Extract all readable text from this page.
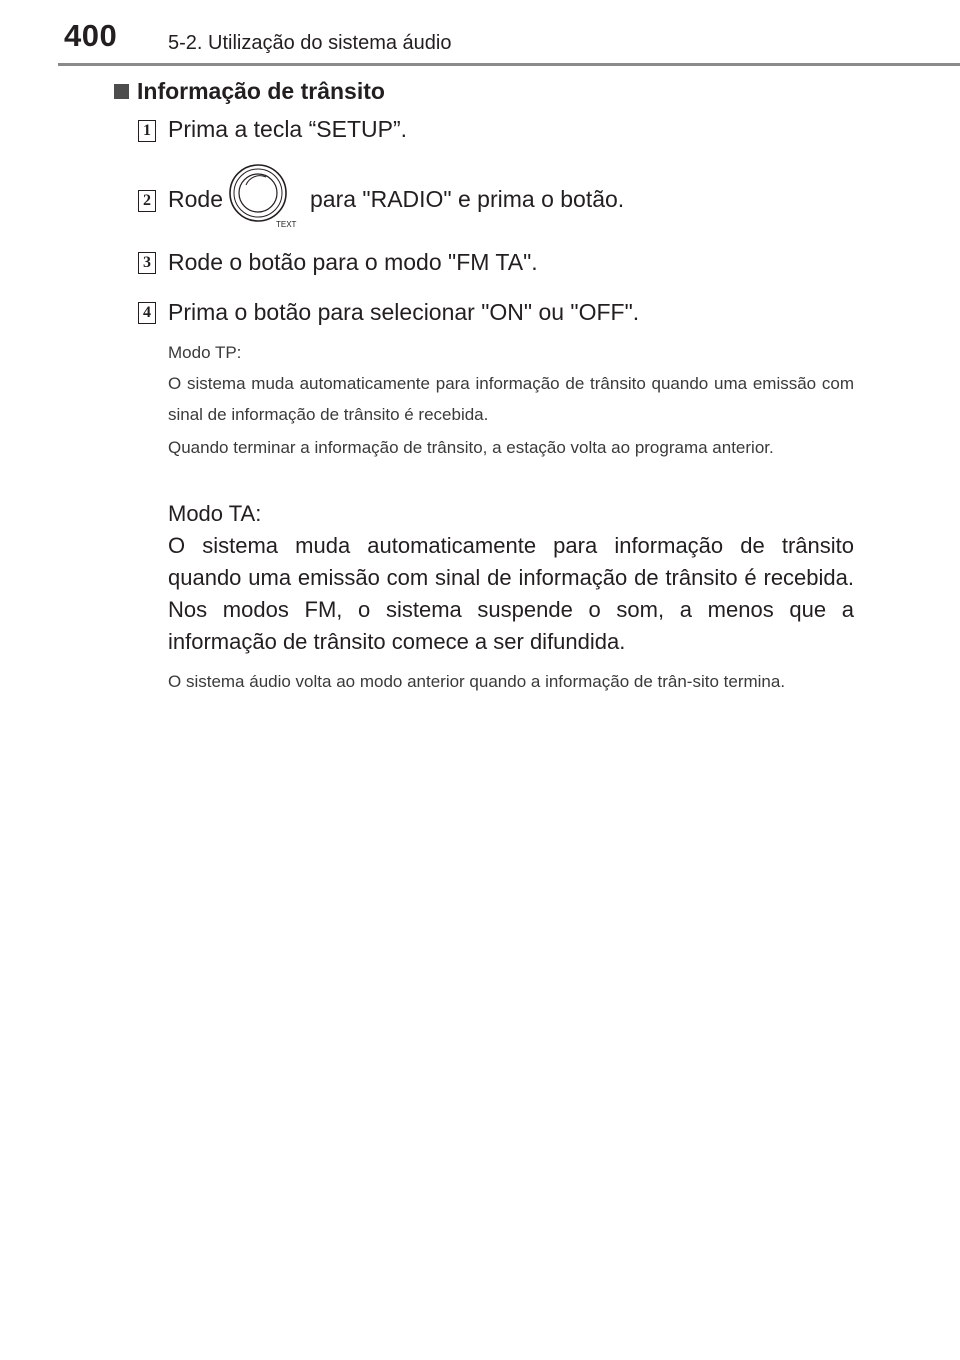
400	5-2. Utilização do sistema áudio
Informação de trânsito
1 Prima a tecla “SETUP”.
2 Rode
TEXT
para "RADIO" e prima o botão.
3 Rode o botão para o modo "FM TA".
4 Prima o botão para selecionar "ON" ou "OFF".

Modo TP:

O sistema muda automaticamente para informação de trânsito quando uma emissão com sinal de informação de trânsito é recebida.

Quando terminar a informação de trânsito, a estação volta ao programa anterior.

Modo TA:

O sistema muda automaticamente para informação de trânsito quando uma emissão com sinal de informação de trânsito é recebida. Nos modos FM, o sistema suspende o som, a menos que a informação de trânsito comece a ser difundida.

O sistema áudio volta ao modo anterior quando a informação de trân-sito termina.
